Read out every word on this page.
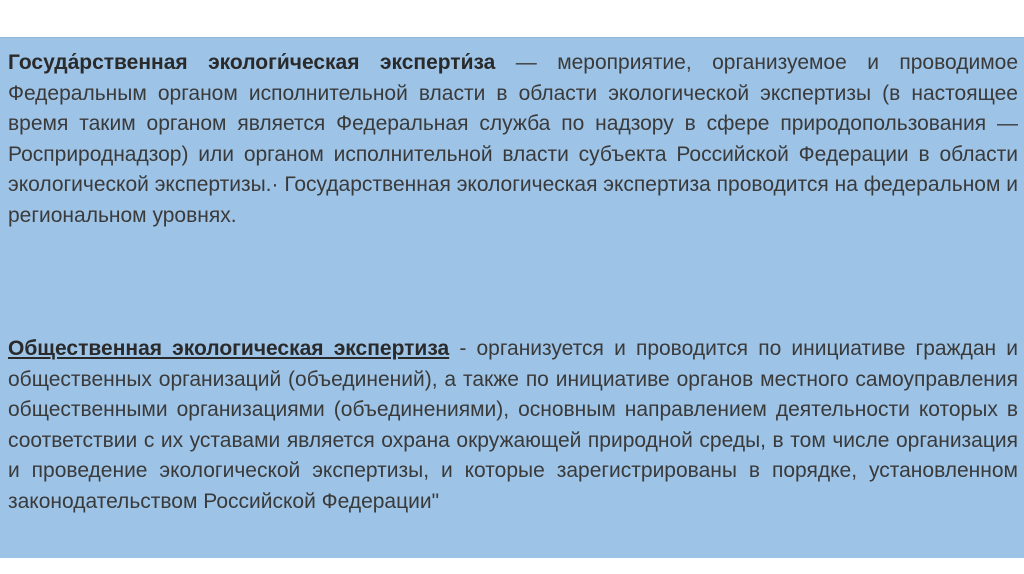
Госуда́рственная экологи́ческая эксперти́за — мероприятие, организуемое и проводимое Федеральным органом исполнительной власти в области экологической экспертизы (в настоящее время таким органом является Федеральная служба по надзору в сфере природопользования — Росприроднадзор) или органом исполнительной власти субъекта Российской Федерации в области экологической экспертизы.· Государственная экологическая экспертиза проводится на федеральном и региональном уровнях.

Общественная экологическая экспертиза - организуется и проводится по инициативе граждан и общественных организаций (объединений), а также по инициативе органов местного самоуправления общественными организациями (объединениями), основным направлением деятельности которых в соответствии с их уставами является охрана окружающей природной среды, в том числе организация и проведение экологической экспертизы, и которые зарегистрированы в порядке, установленном законодательством Российской Федерации"
